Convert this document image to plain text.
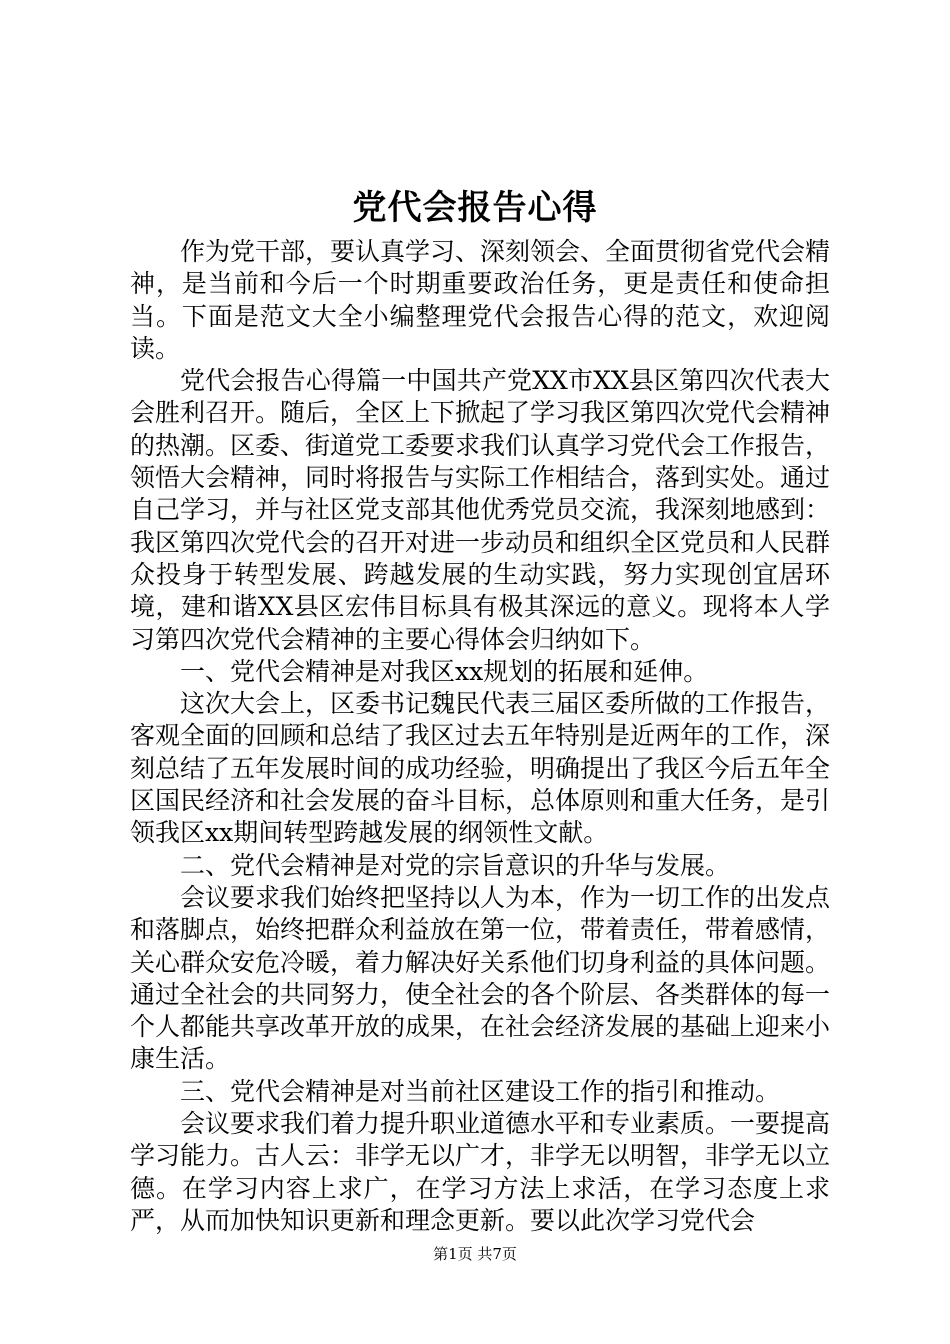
党代会报告心得

作为党干部，要认真学习、深刻领会、全面贯彻省党代会精神，是当前和今后一个时期重要政治任务，更是责任和使命担当。下面是范文大全小编整理党代会报告心得的范文，欢迎阅读。

党代会报告心得篇一中国共产党XX市XX县区第四次代表大会胜利召开。随后，全区上下掀起了学习我区第四次党代会精神的热潮。区委、街道党工委要求我们认真学习党代会工作报告，领悟大会精神，同时将报告与实际工作相结合，落到实处。通过自己学习，并与社区党支部其他优秀党员交流，我深刻地感到：我区第四次党代会的召开对进一步动员和组织全区党员和人民群众投身于转型发展、跨越发展的生动实践，努力实现创宜居环境，建和谐XX县区宏伟目标具有极其深远的意义。现将本人学习第四次党代会精神的主要心得体会归纳如下。

一、党代会精神是对我区xx规划的拓展和延伸。

这次大会上，区委书记魏民代表三届区委所做的工作报告，客观全面的回顾和总结了我区过去五年特别是近两年的工作，深刻总结了五年发展时间的成功经验，明确提出了我区今后五年全区国民经济和社会发展的奋斗目标，总体原则和重大任务，是引领我区xx期间转型跨越发展的纲领性文献。

二、党代会精神是对党的宗旨意识的升华与发展。

会议要求我们始终把坚持以人为本，作为一切工作的出发点和落脚点，始终把群众利益放在第一位，带着责任，带着感情，关心群众安危冷暖，着力解决好关系他们切身利益的具体问题。通过全社会的共同努力，使全社会的各个阶层、各类群体的每一个人都能共享改革开放的成果，在社会经济发展的基础上迎来小康生活。

三、党代会精神是对当前社区建设工作的指引和推动。

会议要求我们着力提升职业道德水平和专业素质。一要提高学习能力。古人云：非学无以广才，非学无以明智，非学无以立德。在学习内容上求广，在学习方法上求活，在学习态度上求严，从而加快知识更新和理念更新。要以此次学习党代会

第1页 共7页
